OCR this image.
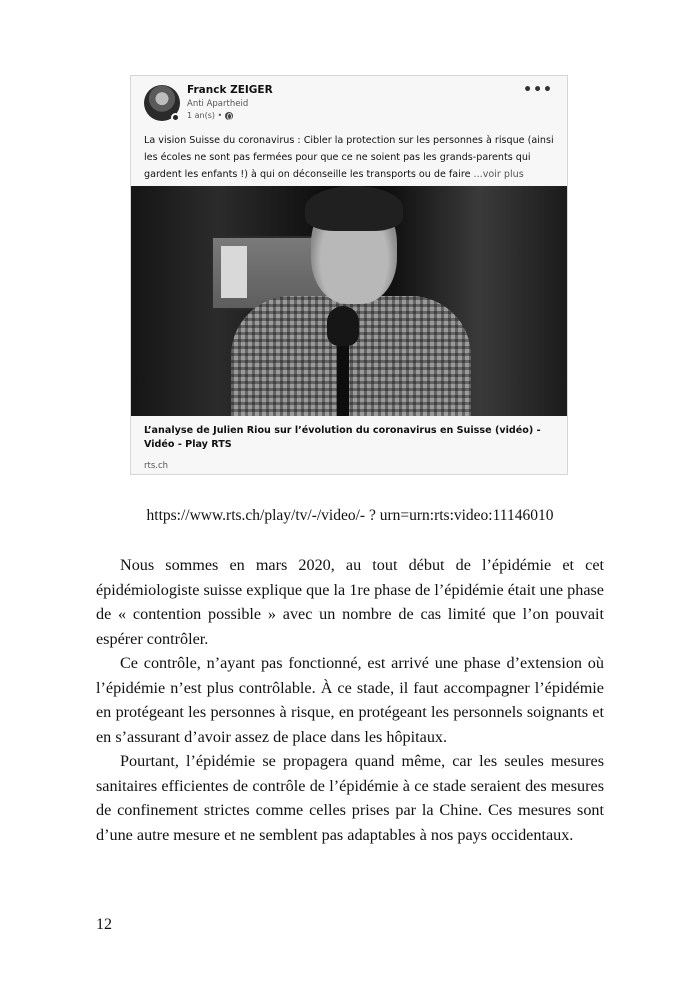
Franck ZEIGER
Anti Apartheid
1 an(s) •
•••
La vision Suisse du coronavirus : Cibler la protection sur les personnes à risque (ainsi les écoles ne sont pas fermées pour que ce ne soient pas les grands-parents qui gardent les enfants !) à qui on déconseille les transports ou de faire ...voir plus
L’analyse de Julien Riou sur l’évolution du coronavirus en Suisse (vidéo) - Vidéo - Play RTS
rts.ch
https://www.rts.ch/play/tv/-/video/- ? urn=urn:rts:video:11146010

Nous sommes en mars 2020, au tout début de l’épidémie et cet épidémiologiste suisse explique que la 1re phase de l’épidémie était une phase de « contention possible » avec un nombre de cas limité que l’on pouvait espérer contrôler.

Ce contrôle, n’ayant pas fonctionné, est arrivé une phase d’extension où l’épidémie n’est plus contrôlable. À ce stade, il faut accompagner l’épidémie en protégeant les personnes à risque, en protégeant les personnels soignants et en s’assurant d’avoir assez de place dans les hôpitaux.

Pourtant, l’épidémie se propagera quand même, car les seules mesures sanitaires efficientes de contrôle de l’épidémie à ce stade seraient des mesures de confinement strictes comme celles prises par la Chine. Ces mesures sont d’une autre mesure et ne semblent pas adaptables à nos pays occidentaux.

12
